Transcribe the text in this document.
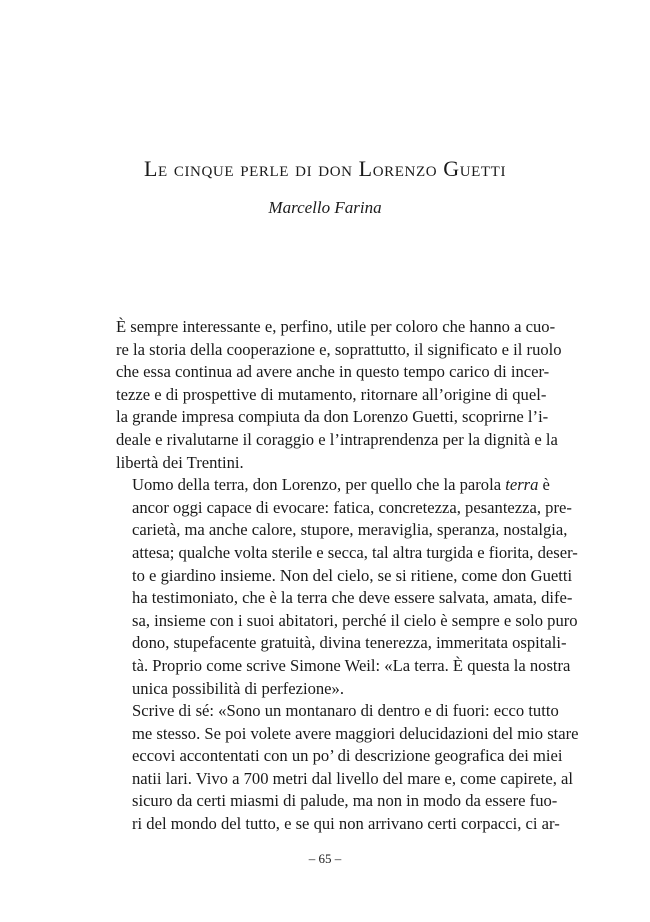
Le cinque perle di don Lorenzo Guetti
Marcello Farina

È sempre interessante e, perfino, utile per coloro che hanno a cuo-
re la storia della cooperazione e, soprattutto, il significato e il ruolo
che essa continua ad avere anche in questo tempo carico di incer-
tezze e di prospettive di mutamento, ritornare all’origine di quel-
la grande impresa compiuta da don Lorenzo Guetti, scoprirne l’i-
deale e rivalutarne il coraggio e l’intraprendenza per la dignità e la
libertà dei Trentini.

Uomo della terra, don Lorenzo, per quello che la parola terra è
ancor oggi capace di evocare: fatica, concretezza, pesantezza, pre-
carietà, ma anche calore, stupore, meraviglia, speranza, nostalgia,
attesa; qualche volta sterile e secca, tal altra turgida e fiorita, deser-
to e giardino insieme. Non del cielo, se si ritiene, come don Guetti
ha testimoniato, che è la terra che deve essere salvata, amata, dife-
sa, insieme con i suoi abitatori, perché il cielo è sempre e solo puro
dono, stupefacente gratuità, divina tenerezza, immeritata ospitali-
tà. Proprio come scrive Simone Weil: «La terra. È questa la nostra
unica possibilità di perfezione».

Scrive di sé: «Sono un montanaro di dentro e di fuori: ecco tutto
me stesso. Se poi volete avere maggiori delucidazioni del mio stare
eccovi accontentati con un po’ di descrizione geografica dei miei
natii lari. Vivo a 700 metri dal livello del mare e, come capirete, al
sicuro da certi miasmi di palude, ma non in modo da essere fuo-
ri del mondo del tutto, e se qui non arrivano certi corpacci, ci ar-

– 65 –
